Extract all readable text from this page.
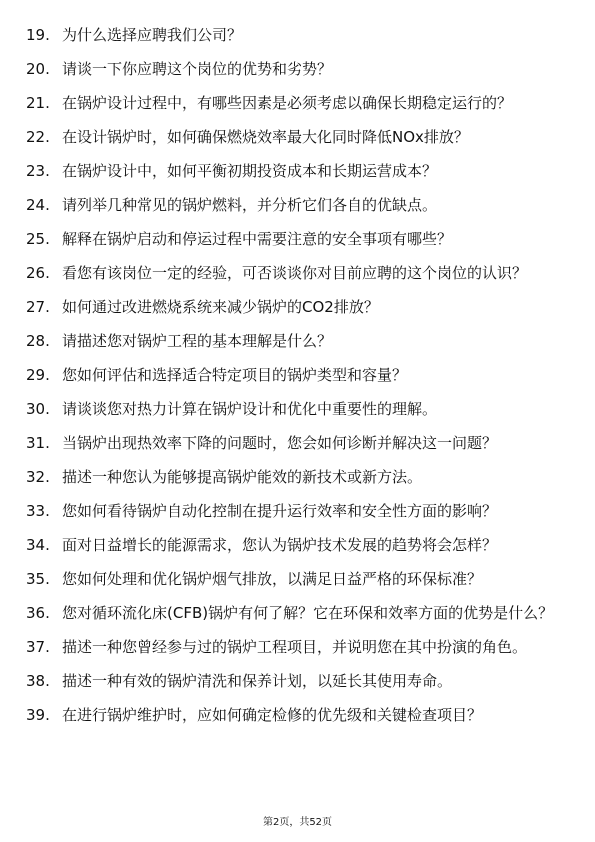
19. 为什么选择应聘我们公司？
20. 请谈一下你应聘这个岗位的优势和劣势？
21. 在锅炉设计过程中，有哪些因素是必须考虑以确保长期稳定运行的？
22. 在设计锅炉时，如何确保燃烧效率最大化同时降低NOx排放？
23. 在锅炉设计中，如何平衡初期投资成本和长期运营成本？
24. 请列举几种常见的锅炉燃料，并分析它们各自的优缺点。
25. 解释在锅炉启动和停运过程中需要注意的安全事项有哪些？
26. 看您有该岗位一定的经验，可否谈谈你对目前应聘的这个岗位的认识？
27. 如何通过改进燃烧系统来减少锅炉的CO2排放？
28. 请描述您对锅炉工程的基本理解是什么？
29. 您如何评估和选择适合特定项目的锅炉类型和容量？
30. 请谈谈您对热力计算在锅炉设计和优化中重要性的理解。
31. 当锅炉出现热效率下降的问题时，您会如何诊断并解决这一问题？
32. 描述一种您认为能够提高锅炉能效的新技术或新方法。
33. 您如何看待锅炉自动化控制在提升运行效率和安全性方面的影响？
34. 面对日益增长的能源需求，您认为锅炉技术发展的趋势将会怎样？
35. 您如何处理和优化锅炉烟气排放，以满足日益严格的环保标准？
36. 您对循环流化床(CFB)锅炉有何了解？它在环保和效率方面的优势是什么？
37. 描述一种您曾经参与过的锅炉工程项目，并说明您在其中扮演的角色。
38. 描述一种有效的锅炉清洗和保养计划，以延长其使用寿命。
39. 在进行锅炉维护时，应如何确定检修的优先级和关键检查项目？
第2页，共52页
